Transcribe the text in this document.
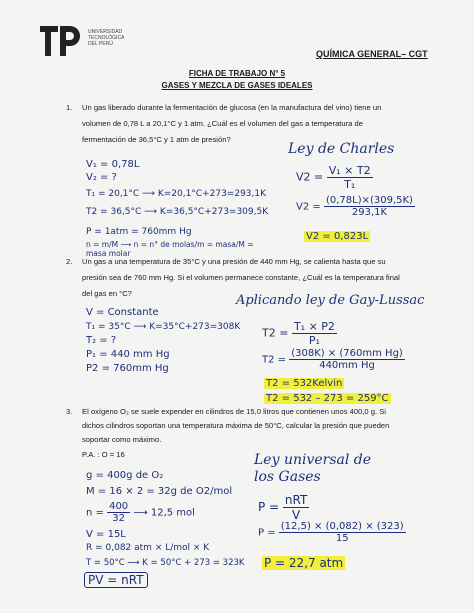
UNIVERSIDAD
TECNOLÓGICA
DEL PERÚ
QUÍMICA GENERAL– CGT
FICHA DE TRABAJO N° 5
GASES Y MEZCLA DE GASES IDEALES
1. Un gas liberado durante la fermentación de glucosa (en la manufactura del vino) tiene un
volumen de 0,78 L a 20,1°C y 1 atm. ¿Cuál es el volumen del gas a temperatura de
fermentación de 36,5°C y 1 atm de presión?
Ley de Charles
V₁ = 0,78L
V₂ = ?
T₁ = 20,1°C ⟶ K=20,1°C+273=293,1K
T2 = 36,5°C ⟶ K=36,5°C+273=309,5K
P = 1atm = 760mm Hg
n = m/M ⟶ n = n° de molas/m = masa/M = masa molar
$V2 = \frac{\text{V₁ ⨯ T2}}{\text{T₁}}$
$V2 = \frac{(0,78L)⨯(309,5K)}{293,1K}$
V2 = 0,823L
2. Un gas a una temperatura de 35°C y una presión de 440 mm Hg, se calienta hasta que su
presión sea de 760 mm Hg. Si el volumen permanece constante, ¿Cuál es la temperatura final
del gas en °C?	Aplicando ley de Gay-Lussac
V = Constante
T₁ = 35°C ⟶ K=35°C+273=308K
T₂ = ?
P₁ = 440 mm Hg
P2 = 760mm Hg
$T2 = \frac{\text{T₁ ⨯ P2}}{\text{P₁}}$
$T2 = \frac{\text{(308K) ⨯ (760mm Hg)}}{\text{440mm Hg}}$
T2 = 532Kelvin
T2 = 532 – 273 = 259°C
3. El oxígeno O₂ se suele expender en cilindros de 15,0 litros que contienen unos 400,0 g. Si
dichos cilindros soportan una temperatura máxima de 50°C, calcular la presión que pueden
soportar como máximo.
P.A. : O = 16	Ley universal de los Gases
g = 400g de O₂
M = 16 ⨯ 2 = 32g de O2/mol
$n = \frac{400}{32}$ ⟶ 12,5 mol
V = 15L
R = 0,082 atm ⨯ L/mol ⨯ K
T = 50°C ⟶ K = 50°C + 273 = 323K
PV = nRT
$P = \frac{\text{nRT}}{V}$
$P = \frac{(12,5) ⨯ (0,082) ⨯ (323)}{15}$
P = 22,7 atm
